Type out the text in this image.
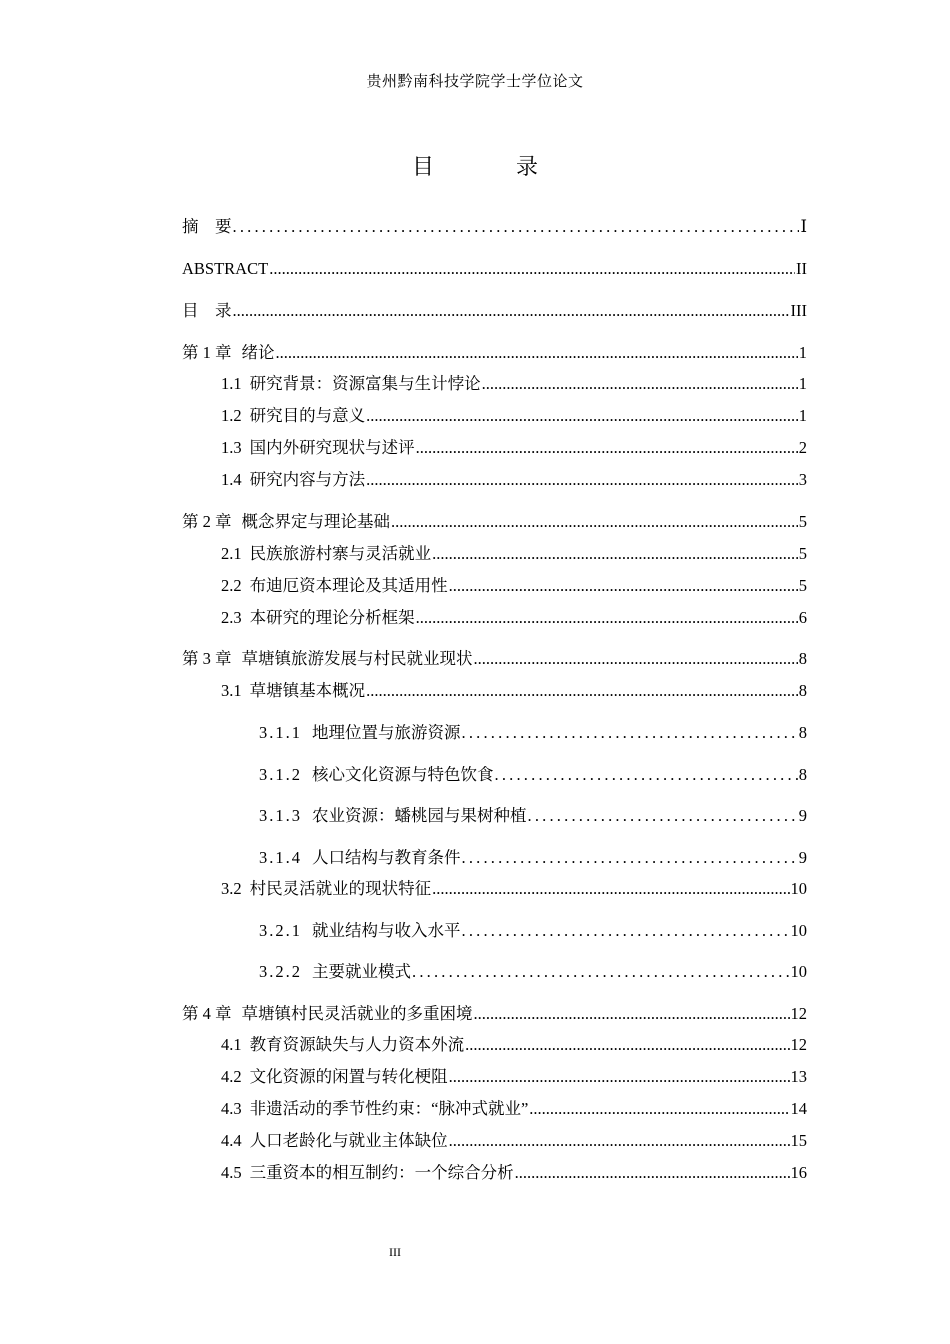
贵州黔南科技学院学士学位论文
目　录
摘　要 .....	Ⅰ
ABSTRACT .....	II
目　录 .....	III
第 1 章 绪论 .....	1
1.1 研究背景：资源富集与生计悖论 .....	1
1.2 研究目的与意义 .....	1
1.3 国内外研究现状与述评 .....	2
1.4 研究内容与方法 .....	3
第 2 章 概念界定与理论基础 .....	5
2.1 民族旅游村寨与灵活就业 .....	5
2.2 布迪厄资本理论及其适用性 .....	5
2.3 本研究的理论分析框架 .....	6
第 3 章 草塘镇旅游发展与村民就业现状 .....	8
3.1 草塘镇基本概况 .....	8
3.1.1 地理位置与旅游资源 .....	8
3.1.2 核心文化资源与特色饮食 .....	8
3.1.3 农业资源：蟠桃园与果树种植 .....	9
3.1.4 人口结构与教育条件 .....	9
3.2 村民灵活就业的现状特征 .....	10
3.2.1 就业结构与收入水平 .....	10
3.2.2 主要就业模式 .....	10
第 4 章 草塘镇村民灵活就业的多重困境 .....	12
4.1 教育资源缺失与人力资本外流 .....	12
4.2 文化资源的闲置与转化梗阻 .....	13
4.3 非遗活动的季节性约束：“脉冲式就业” .....	14
4.4 人口老龄化与就业主体缺位 .....	15
4.5 三重资本的相互制约：一个综合分析 .....	16
III
